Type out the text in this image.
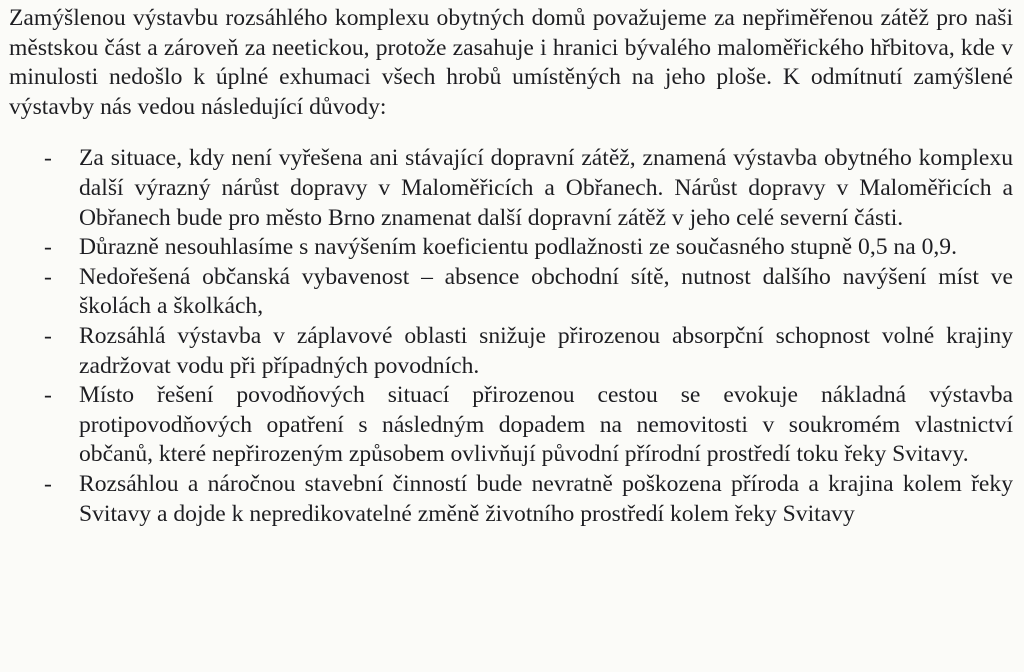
Zamýšlenou výstavbu rozsáhlého komplexu obytných domů považujeme za nepřiměřenou zátěž pro naši městskou část a zároveň za neetickou, protože zasahuje i hranici bývalého maloměřického hřbitova, kde v minulosti nedošlo k úplné exhumaci všech hrobů umístěných na jeho ploše. K odmítnutí zamýšlené výstavby nás vedou následující důvody:

- Za situace, kdy není vyřešena ani stávající dopravní zátěž, znamená výstavba obytného komplexu další výrazný nárůst dopravy v Maloměřicích a Obřanech. Nárůst dopravy v Maloměřicích a Obřanech bude pro město Brno znamenat další dopravní zátěž v jeho celé severní části.
- Důrazně nesouhlasíme s navýšením koeficientu podlažnosti ze současného stupně 0,5 na 0,9.
- Nedořešená občanská vybavenost – absence obchodní sítě, nutnost dalšího navýšení míst ve školách a školkách,
- Rozsáhlá výstavba v záplavové oblasti snižuje přirozenou absorpční schopnost volné krajiny zadržovat vodu při případných povodních.
- Místo řešení povodňových situací přirozenou cestou se evokuje nákladná výstavba protipovodňových opatření s následným dopadem na nemovitosti v soukromém vlastnictví občanů, které nepřirozeným způsobem ovlivňují původní přírodní prostředí toku řeky Svitavy.
- Rozsáhlou a náročnou stavební činností bude nevratně poškozena příroda a krajina kolem řeky Svitavy a dojde k nepredikovatelné změně životního prostředí kolem řeky Svitavy
